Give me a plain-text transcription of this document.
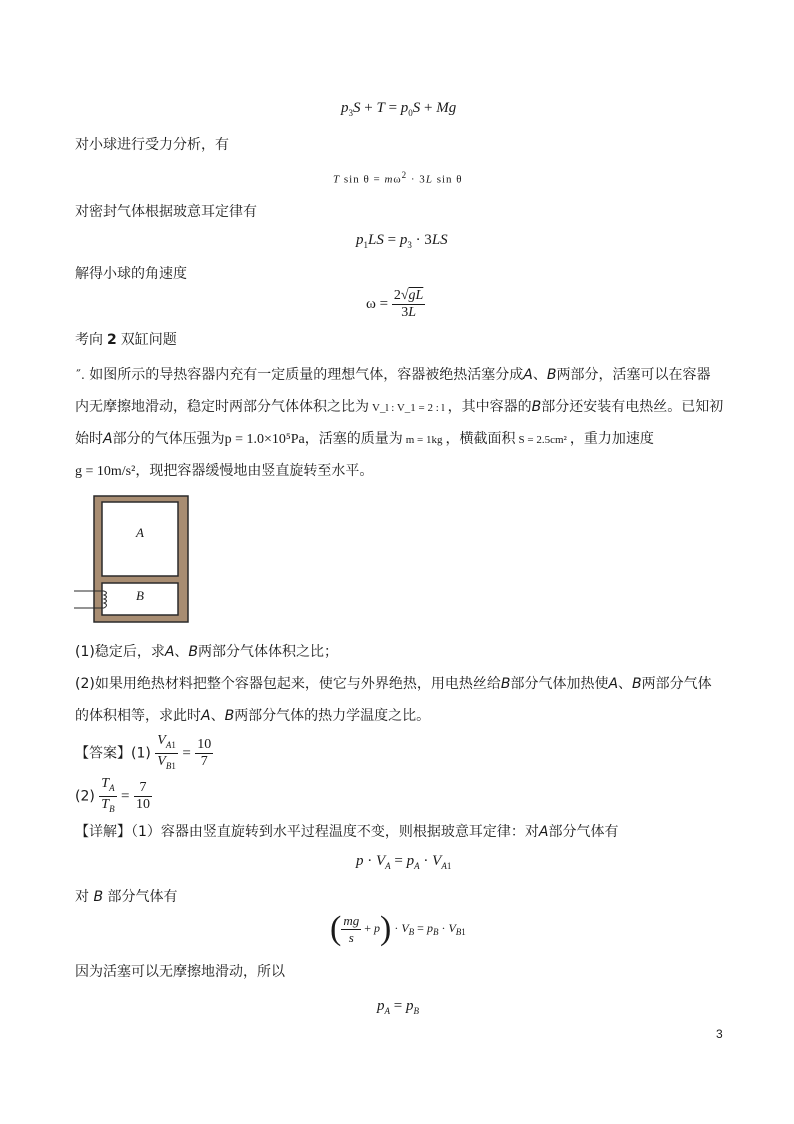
$p_3S + T = p_0S + Mg$
对小球进行受力分析，有
T $\sin \theta = m\omega^2 \cdot 3L$ sin θ
对密封气体根据玻意耳定律有
$p_1LS = p_3 \cdot 3LS$
解得小球的角速度
$\omega = \frac{2√gL}{3L}$
考向 2 双缸问题
˝. 如图所示的导热容器内充有一定质量的理想气体，容器被绝热活塞分成A、B两部分，活塞可以在容器
内无摩擦地滑动，稳定时两部分气体体积之比为 V_l : V_1 = 2 : l ，其中容器的B部分还安装有电热丝。已知初
始时A部分的气体压强为p = 1.0×10⁵Pa，活塞的质量为 m = 1kg ，横截面积 S = 2.5cm² ，重力加速度
g = 10m/s²，现把容器缓慢地由竖直旋转至水平。
A
B
(1)稳定后，求A、B两部分气体体积之比；
(2)如果用绝热材料把整个容器包起来，使它与外界绝热，用电热丝给B部分气体加热使A、B两部分气体
的体积相等，求此时A、B两部分气体的热力学温度之比。
【答案】$(1) \frac{V_{A1}}{V_{B1}} = \frac{10}{7}$
$(2) \frac{T_A}{T_B} = \frac{7}{10}$
【详解】（1）容器由竖直旋转到水平过程温度不变，则根据玻意耳定律：对A部分气体有
$p \cdot V_A = p_A \cdot V_{A1}$
对 B 部分气体有
( $\frac{mg}{s} + p) \cdot V_B = p_B \cdot V_{B1}$
因为活塞可以无摩擦地滑动，所以
$p_A = p_B$
3
